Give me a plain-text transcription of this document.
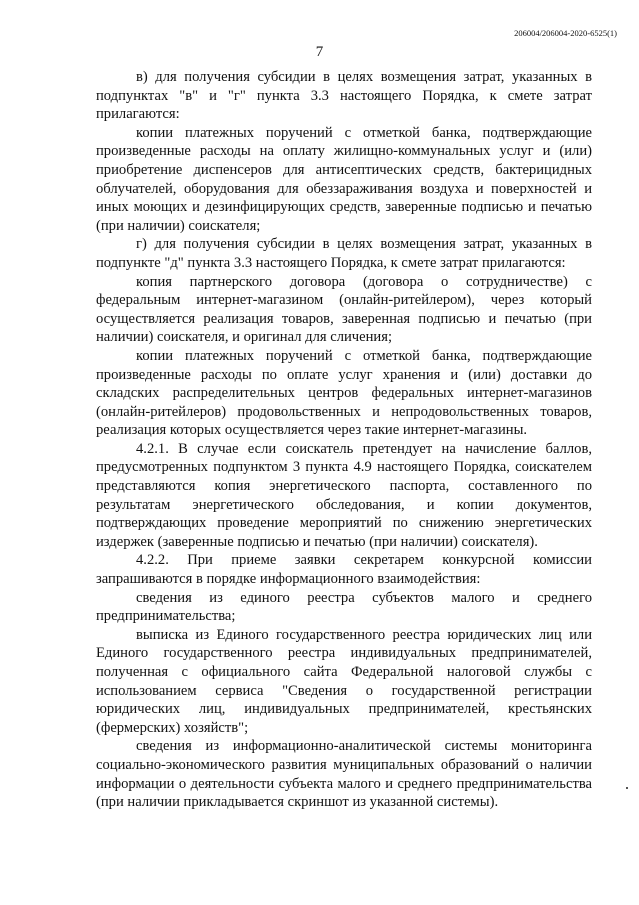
206004/206004-2020-6525(1)
7

в) для получения субсидии в целях возмещения затрат, указанных в подпунктах "в" и "г" пункта 3.3 настоящего Порядка, к смете затрат прилагаются:

копии платежных поручений с отметкой банка, подтверждающие произведенные расходы на оплату жилищно-коммунальных услуг и (или) приобретение диспенсеров для антисептических средств, бактерицидных облучателей, оборудования для обеззараживания воздуха и поверхностей и иных моющих и дезинфицирующих средств, заверенные подписью и печатью (при наличии) соискателя;

г) для получения субсидии в целях возмещения затрат, указанных в подпункте "д" пункта 3.3 настоящего Порядка, к смете затрат прилагаются:

копия партнерского договора (договора о сотрудничестве) с федеральным интернет-магазином (онлайн-ритейлером), через который осуществляется реализация товаров, заверенная подписью и печатью (при наличии) соискателя, и оригинал для сличения;

копии платежных поручений с отметкой банка, подтверждающие произведенные расходы по оплате услуг хранения и (или) доставки до складских распределительных центров федеральных интернет-магазинов (онлайн-ритейлеров) продовольственных и непродовольственных товаров, реализация которых осуществляется через такие интернет-магазины.

4.2.1. В случае если соискатель претендует на начисление баллов, предусмотренных подпунктом 3 пункта 4.9 настоящего Порядка, соискателем представляются копия энергетического паспорта, составленного по результатам энергетического обследования, и копии документов, подтверждающих проведение мероприятий по снижению энергетических издержек (заверенные подписью и печатью (при наличии) соискателя).

4.2.2. При приеме заявки секретарем конкурсной комиссии запрашиваются в порядке информационного взаимодействия:

сведения из единого реестра субъектов малого и среднего предпринимательства;

выписка из Единого государственного реестра юридических лиц или Единого государственного реестра индивидуальных предпринимателей, полученная с официального сайта Федеральной налоговой службы с использованием сервиса "Сведения о государственной регистрации юридических лиц, индивидуальных предпринимателей, крестьянских (фермерских) хозяйств";

сведения из информационно-аналитической системы мониторинга социально-экономического развития муниципальных образований о наличии информации о деятельности субъекта малого и среднего предпринимательства (при наличии прикладывается скриншот из указанной системы).
